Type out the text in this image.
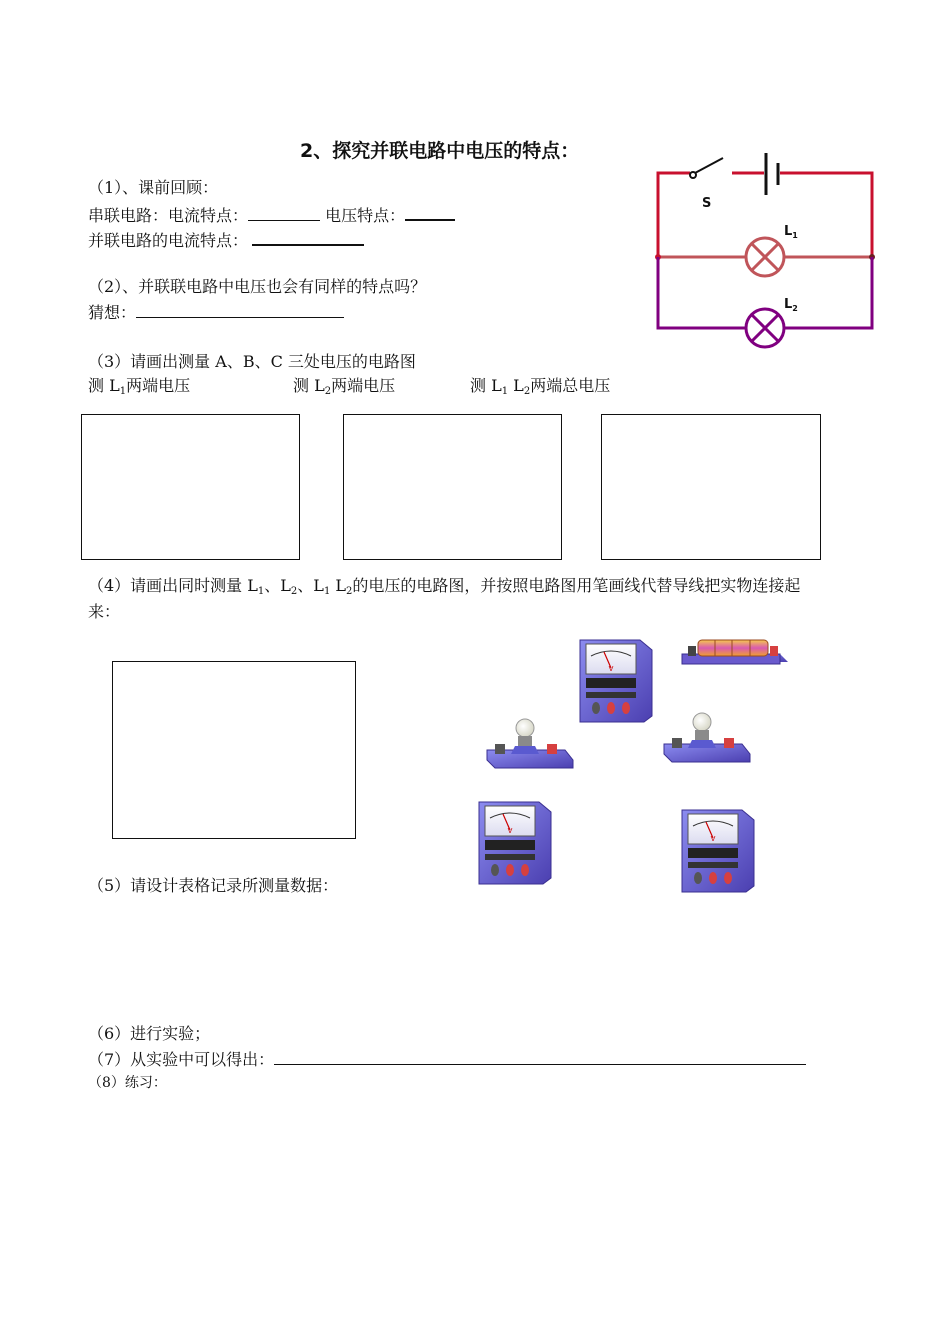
2、探究并联电路中电压的特点：
（1）、课前回顾：
串联电路：电流特点：	电压特点：
并联电路的电流特点：
（2）、并联联电路中电压也会有同样的特点吗？
猜想：
（3）请画出测量 A、B、C 三处电压的电路图
测 $L_1$两端电压	测 $L_2$两端电压	测 $L_1$ $L_2$两端总电压
（4）请画出同时测量 $L_1$、$L_2$、$L_1$ $L_2$的电压的电路图，并按照电路图用笔画线代替导线把实物连接起
来：
（5）请设计表格记录所测量数据：
（6）进行实验；
（7）从实验中可以得出：
（8）练习：
S
$L_1$
$L_2$
V
V
V
